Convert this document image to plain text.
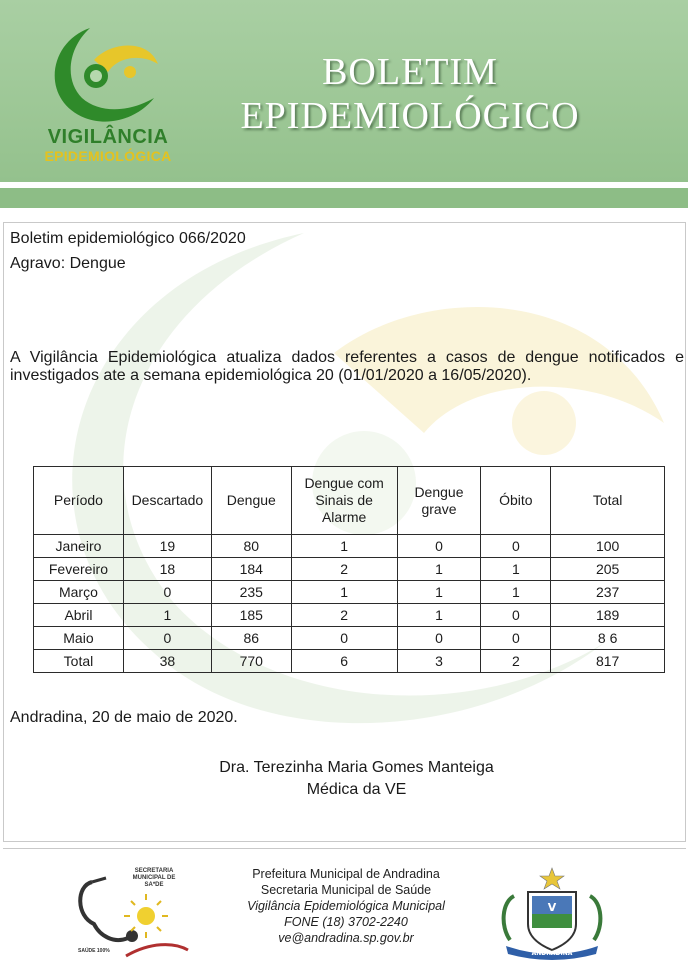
VIGILÂNCIA
EPIDEMIOLÓGICA
BOLETIM
EPIDEMIOLÓGICO
Boletim epidemiológico 066/2020
Agravo: Dengue
A Vigilância Epidemiológica atualiza dados referentes a casos de dengue notificados e investigados ate a semana epidemiológica 20 (01/01/2020 a 16/05/2020).
Período	Descartado	Dengue	Dengue com Sinais de Alarme	Dengue grave	Óbito	Total
Janeiro	19	80	1	0	0	100
Fevereiro	18	184	2	1	1	205
Março	0	235	1	1	1	237
Abril	1	185	2	1	0	189
Maio	0	86	0	0	0	8 6
Total	38	770	6	3	2	817
Andradina, 20 de maio de 2020.
Dra. Terezinha Maria Gomes Manteiga
Médica da VE
SECRETARIA MUNICIPAL DE SA*DE
SAÚDE 100%
Prefeitura Municipal de Andradina
Secretaria Municipal de Saúde
Vigilância Epidemiológica Municipal
FONE (18) 3702-2240
ve@andradina.sp.gov.br
V
ANDRADINA
